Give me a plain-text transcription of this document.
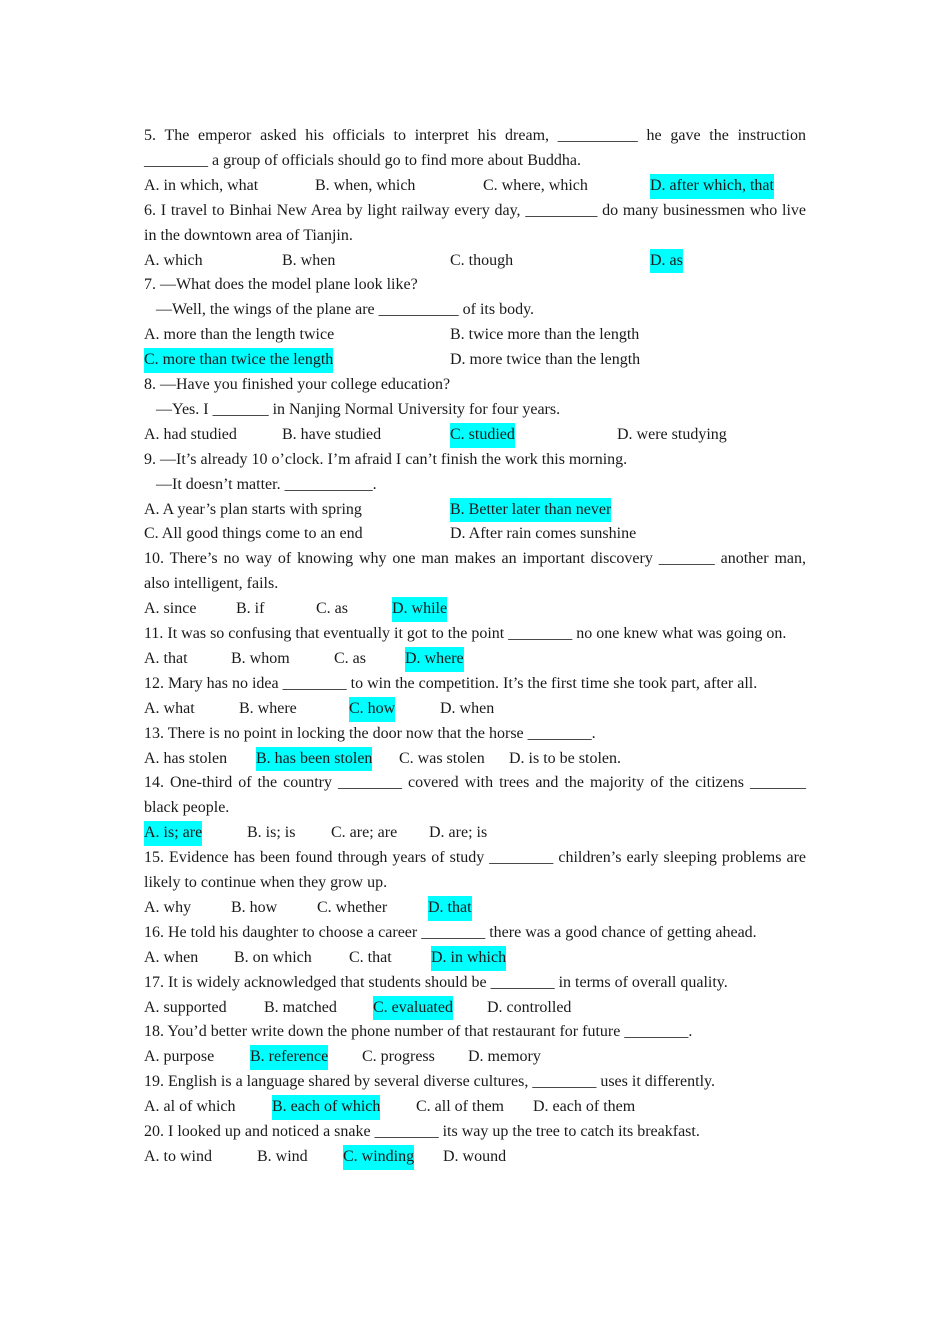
5. The emperor asked his officials to interpret his dream, __________ he gave the instruction ________ a group of officials should go to find more about Buddha.
A. in which, what	B. when, which	C. where, which	D. after which, that
6. I travel to Binhai New Area by light railway every day, _________ do many businessmen who live in the downtown area of Tianjin.
A. which	B. when	C. though	D. as
7. —What does the model plane look like?
—Well, the wings of the plane are __________ of its body.
A. more than the length twice	B. twice more than the length
C. more than twice the length	D. more twice than the length
8. —Have you finished your college education?
—Yes. I _______ in Nanjing Normal University for four years.
A. had studied	B. have studied	C. studied	D. were studying
9. —It’s already 10 o’clock. I’m afraid I can’t finish the work this morning.
—It doesn’t matter. ___________.
A. A year’s plan starts with spring	B. Better later than never
C. All good things come to an end	D. After rain comes sunshine
10. There’s no way of knowing why one man makes an important discovery _______ another man, also intelligent, fails.
A. since B. if	C. as	D. while
11. It was so confusing that eventually it got to the point ________ no one knew what was going on.
A. that	B. whom	C. as D. where
12. Mary has no idea ________ to win the competition. It’s the first time she took part, after all.
A. what	B. where	C. how	D. when
13. There is no point in locking the door now that the horse ________.
A. has stolen B. has been stolen C. was stolen D. is to be stolen.
14. One-third of the country ________ covered with trees and the majority of the citizens _______ black people.
A. is; are	B. is; is C. are; are D. are; is
15. Evidence has been found through years of study ________ children’s early sleeping problems are likely to continue when they grow up.
A. why B. how C. whether	D. that
16. He told his daughter to choose a career ________ there was a good chance of getting ahead.
A. when B. on which C. that D. in which
17. It is widely acknowledged that students should be ________ in terms of overall quality.
A. supported B. matched C. evaluated D. controlled
18. You’d better write down the phone number of that restaurant for future ________.
A. purpose B. reference C. progress D. memory
19. English is a language shared by several diverse cultures, ________ uses it differently.
A. al of which B. each of which C. all of them D. each of them
20. I looked up and noticed a snake ________ its way up the tree to catch its breakfast.
A. to wind	B. wind C. winding D. wound
